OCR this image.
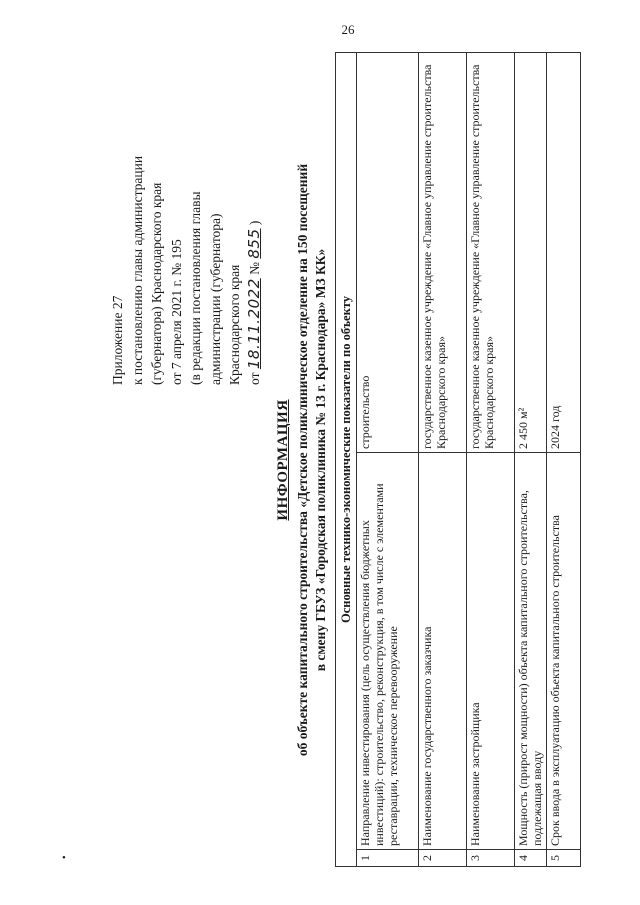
26
•
Приложение 27 к постановлению главы администрации (губернатора) Краснодарского края от 7 апреля 2021 г. № 195 (в редакции постановления главы администрации (губернатора) Краснодарского края от 18.11.2022 № 855 )
ИНФОРМАЦИЯ об объекте капитального строительства «Детское поликлиническое отделение на 150 посещений в смену ГБУЗ «Городская поликлиника № 13 г. Краснодара» МЗ КК» Основные технико-экономические показатели по объекту		
1	Направление инвестирования (цель осуществления бюджетных инвестиций): строительство, реконструкция, в том числе с элементами реставрации, техническое перевооружение	строительство
2	Наименование государственного заказчика	государственное казенное учреждение «Главное управление строительства Краснодарского края»
3	Наименование застройщика	государственное казенное учреждение «Главное управление строительства Краснодарского края»
4	Мощность (прирост мощности) объекта капитального строительства, подлежащая вводу	2 450 м²
5	Срок ввода в эксплуатацию объекта капитального строительства	2024 год
